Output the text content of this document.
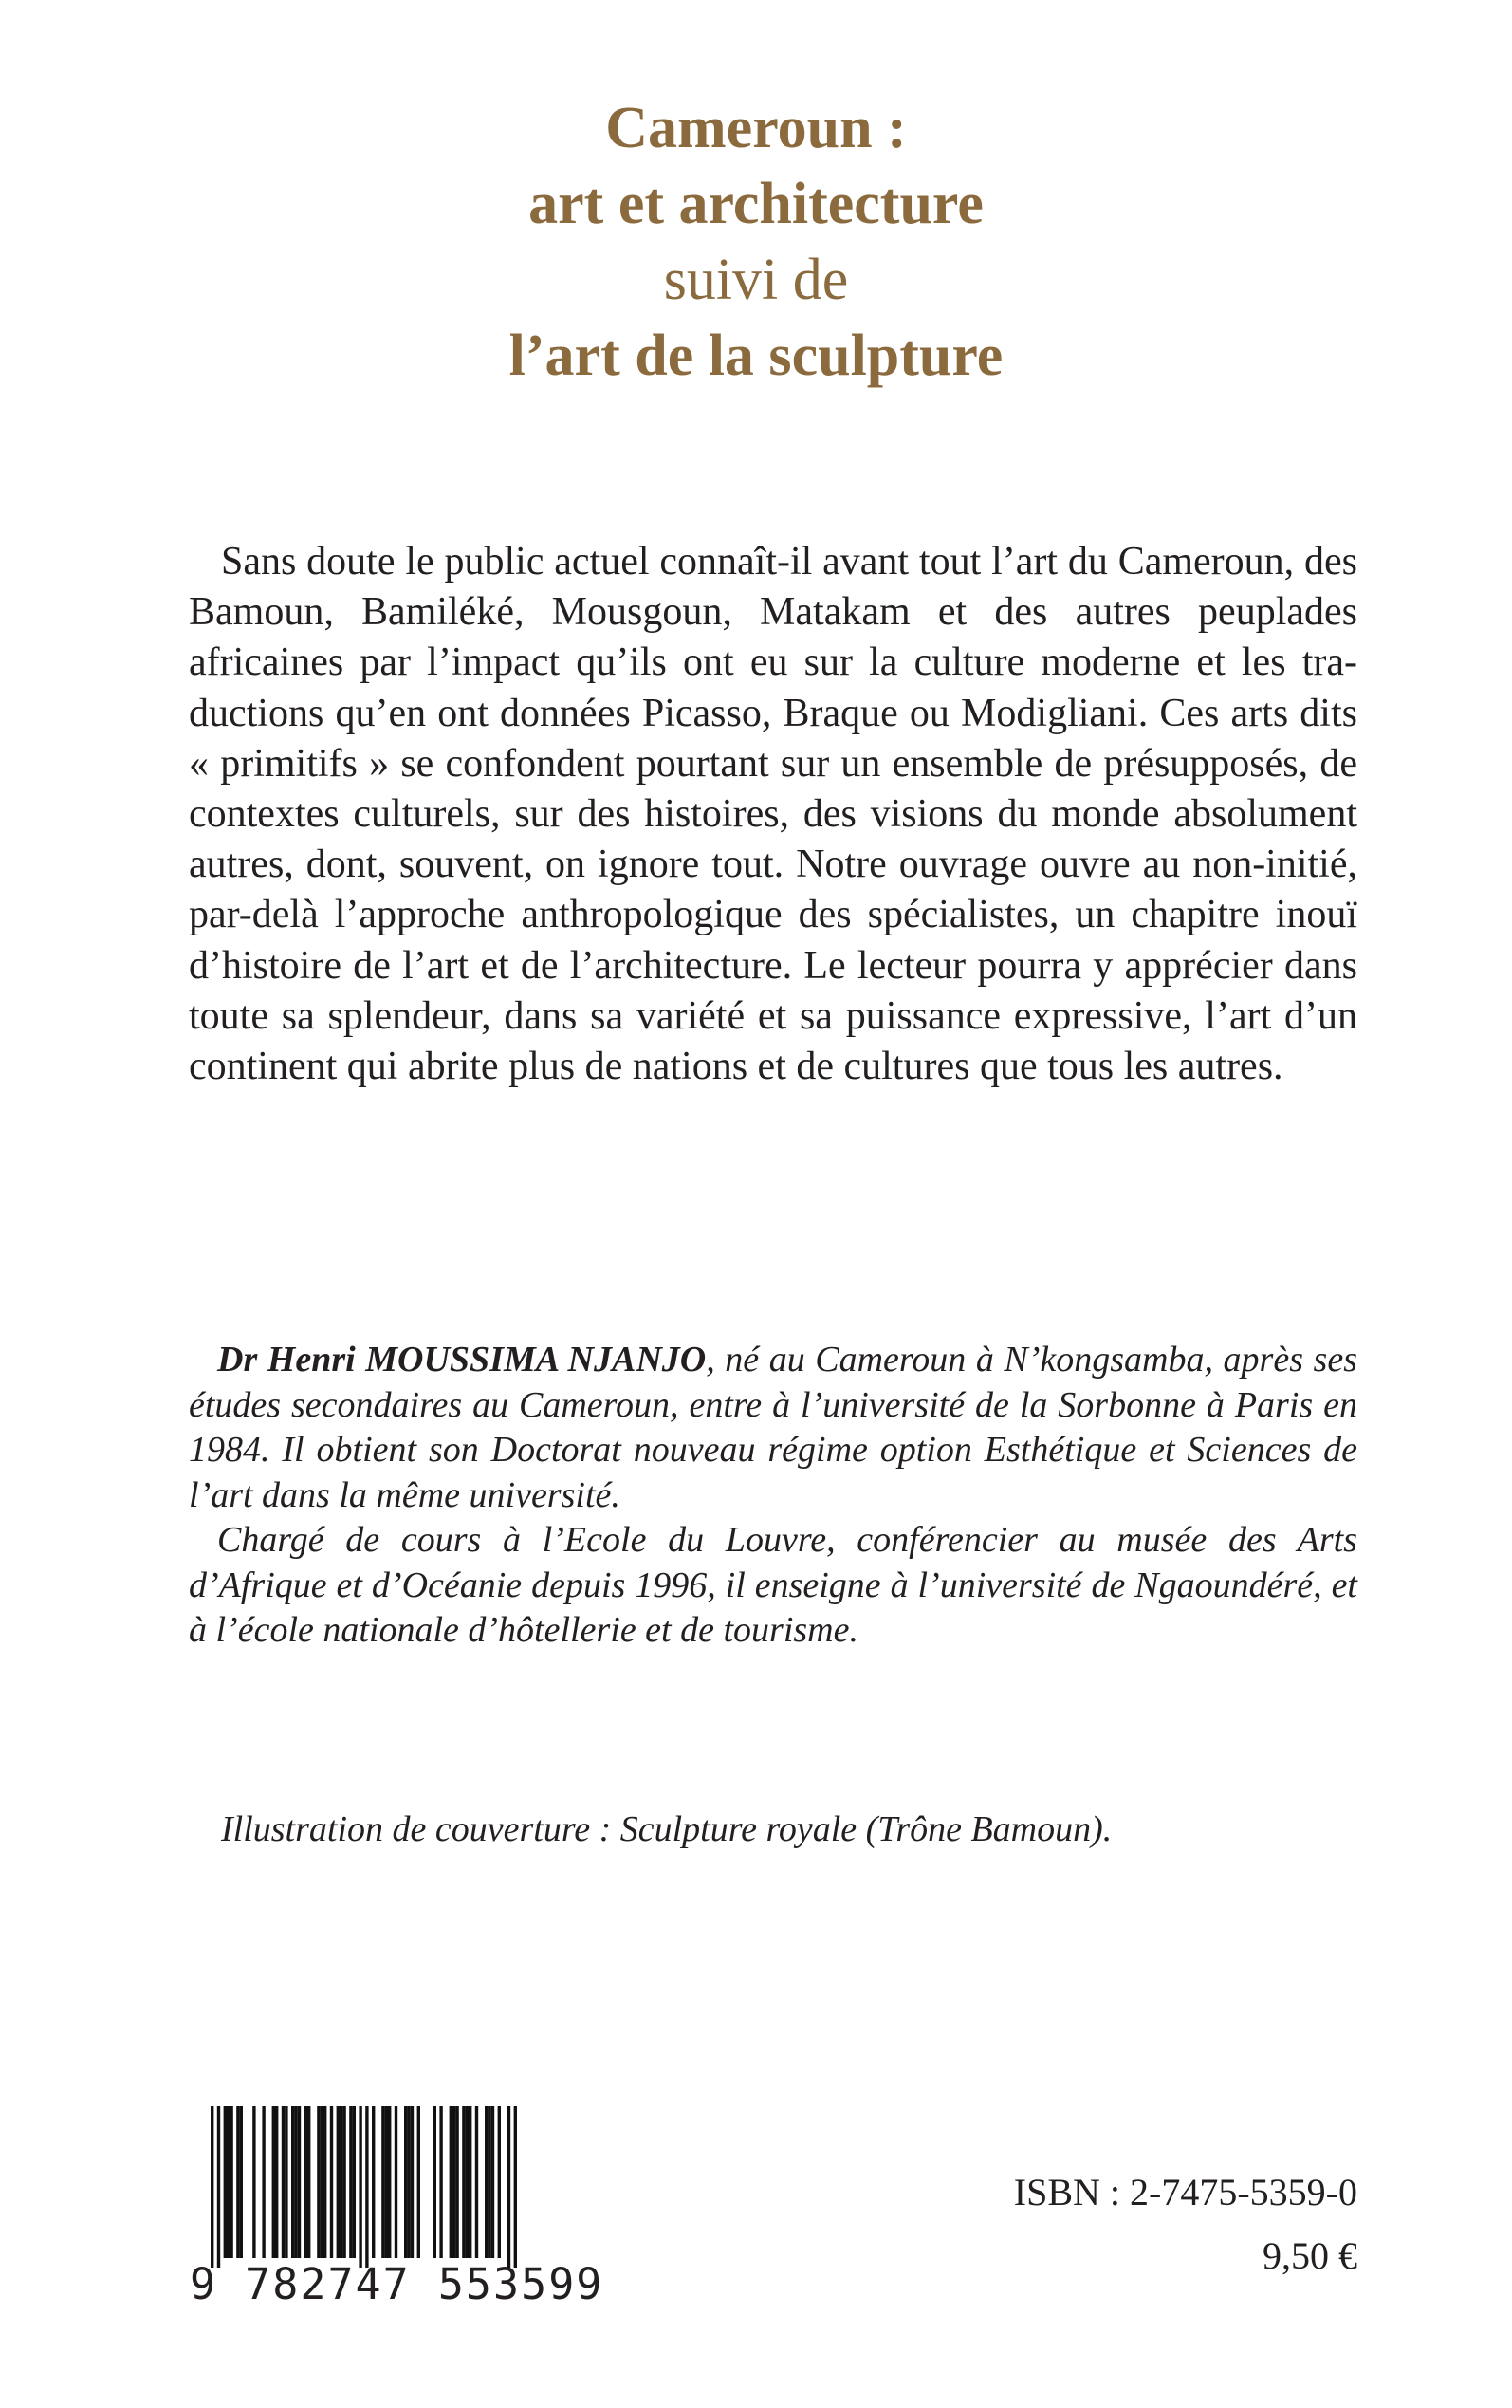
Cameroun :
art et architecture
suivi de
l’art de la sculpture

Sans doute le public actuel connaît-il avant tout l’art du Cameroun, des Bamoun, Bamiléké, Mousgoun, Matakam et des autres peuplades africaines par l’impact qu’ils ont eu sur la culture moderne et les traductions qu’en ont données Picasso, Braque ou Modigliani. Ces arts dits « primitifs » se confondent pourtant sur un ensemble de présupposés, de contextes culturels, sur des histoires, des visions du monde absolument autres, dont, souvent, on ignore tout. Notre ouvrage ouvre au non-initié, par-delà l’approche anthropologique des spécialistes, un chapitre inouï d’histoire de l’art et de l’architecture. Le lecteur pourra y apprécier dans toute sa splendeur, dans sa variété et sa puissance expressive, l’art d’un continent qui abrite plus de nations et de cultures que tous les autres.

Dr Henri MOUSSIMA NJANJO, né au Cameroun à N’kongsamba, après ses études secondaires au Cameroun, entre à l’université de la Sorbonne à Paris en 1984. Il obtient son Doctorat nouveau régime option Esthétique et Sciences de l’art dans la même université.

Chargé de cours à l’Ecole du Louvre, conférencier au musée des Arts d’Afrique et d’Océanie depuis 1996, il enseigne à l’université de Ngaoundéré, et à l’école nationale d’hôtellerie et de tourisme.

Illustration de couverture : Sculpture royale (Trône Bamoun).

9 782747 553599
ISBN : 2-7475-5359-0
9,50 €
